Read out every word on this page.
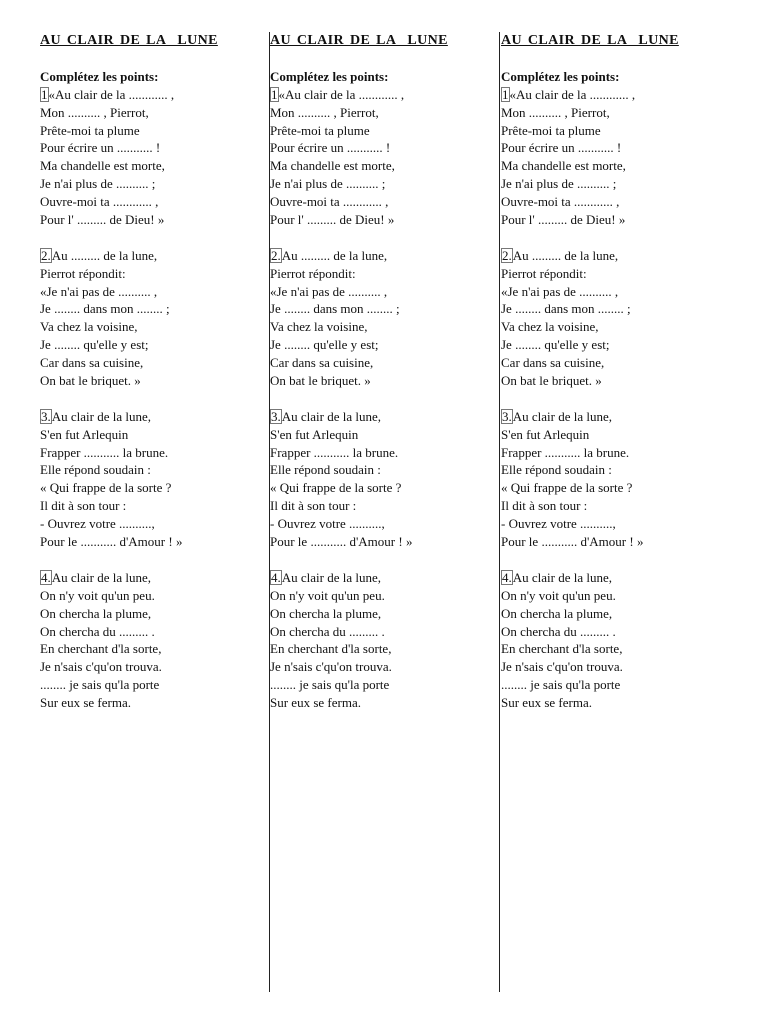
AU CLAIR DE LA  LUNE
Complétez les points:
1«Au clair de la ............ ,
Mon .......... , Pierrot,
Prête-moi ta plume
Pour écrire un ........... !
Ma chandelle est morte,
Je n'ai plus de .......... ;
Ouvre-moi ta ............ ,
Pour l' ......... de Dieu! »
2.Au ......... de la lune,
Pierrot répondit:
«Je n'ai pas de .......... ,
Je ........ dans mon ........ ;
Va chez la voisine,
Je ........ qu'elle y est;
Car dans sa cuisine,
On bat le briquet. »
3.Au clair de la lune,
S'en fut Arlequin
Frapper ........... la brune.
Elle répond soudain :
« Qui frappe de la sorte ?
Il dit à son tour :
- Ouvrez votre ..........,
Pour le ........... d'Amour ! »
4.Au clair de la lune,
On n'y voit qu'un peu.
On chercha la plume,
On chercha du ......... .
En cherchant d'la sorte,
Je n'sais c'qu'on trouva.
........ je sais qu'la porte
Sur eux se ferma.
AU CLAIR DE LA  LUNE
Complétez les points:
1«Au clair de la ............ ,
Mon .......... , Pierrot,
Prête-moi ta plume
Pour écrire un ........... !
Ma chandelle est morte,
Je n'ai plus de .......... ;
Ouvre-moi ta ............ ,
Pour l' ......... de Dieu! »
2.Au ......... de la lune,
Pierrot répondit:
«Je n'ai pas de .......... ,
Je ........ dans mon ........ ;
Va chez la voisine,
Je ........ qu'elle y est;
Car dans sa cuisine,
On bat le briquet. »
3.Au clair de la lune,
S'en fut Arlequin
Frapper ........... la brune.
Elle répond soudain :
« Qui frappe de la sorte ?
Il dit à son tour :
- Ouvrez votre ..........,
Pour le ........... d'Amour ! »
4.Au clair de la lune,
On n'y voit qu'un peu.
On chercha la plume,
On chercha du ......... .
En cherchant d'la sorte,
Je n'sais c'qu'on trouva.
........ je sais qu'la porte
Sur eux se ferma.
AU CLAIR DE LA  LUNE
Complétez les points:
1«Au clair de la ............ ,
Mon .......... , Pierrot,
Prête-moi ta plume
Pour écrire un ........... !
Ma chandelle est morte,
Je n'ai plus de .......... ;
Ouvre-moi ta ............ ,
Pour l' ......... de Dieu! »
2.Au ......... de la lune,
Pierrot répondit:
«Je n'ai pas de .......... ,
Je ........ dans mon ........ ;
Va chez la voisine,
Je ........ qu'elle y est;
Car dans sa cuisine,
On bat le briquet. »
3.Au clair de la lune,
S'en fut Arlequin
Frapper ........... la brune.
Elle répond soudain :
« Qui frappe de la sorte ?
Il dit à son tour :
- Ouvrez votre ..........,
Pour le ........... d'Amour ! »
4.Au clair de la lune,
On n'y voit qu'un peu.
On chercha la plume,
On chercha du ......... .
En cherchant d'la sorte,
Je n'sais c'qu'on trouva.
........ je sais qu'la porte
Sur eux se ferma.
